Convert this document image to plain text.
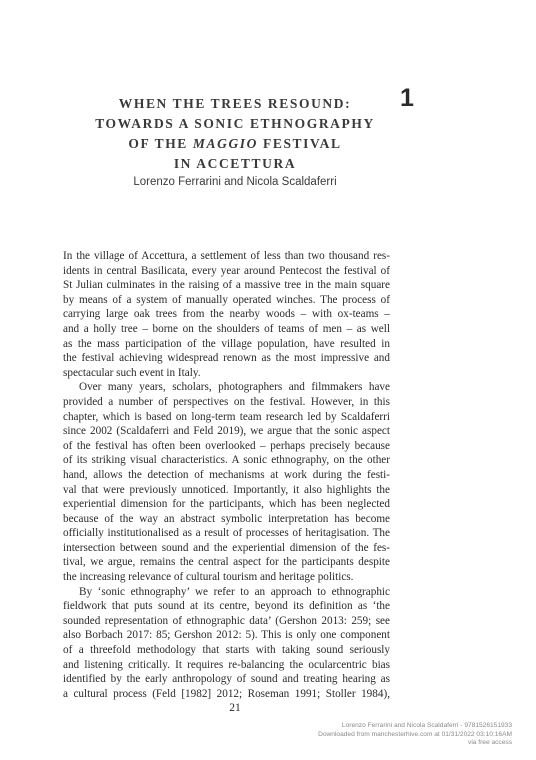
1
WHEN THE TREES RESOUND:
TOWARDS A SONIC ETHNOGRAPHY
OF THE MAGGIO FESTIVAL
IN ACCETTURA

Lorenzo Ferrarini and Nicola Scaldaferri

In the village of Accettura, a settlement of less than two thousand res-
idents in central Basilicata, every year around Pentecost the festival of
St Julian culminates in the raising of a massive tree in the main square
by means of a system of manually operated winches. The process of
carrying large oak trees from the nearby woods – with ox-teams –
and a holly tree – borne on the shoulders of teams of men – as well
as the mass participation of the village population, have resulted in
the festival achieving widespread renown as the most impressive and
spectacular such event in Italy.
Over many years, scholars, photographers and filmmakers have
provided a number of perspectives on the festival. However, in this
chapter, which is based on long-term team research led by Scaldaferri
since 2002 (Scaldaferri and Feld 2019), we argue that the sonic aspect
of the festival has often been overlooked – perhaps precisely because
of its striking visual characteristics. A sonic ethnography, on the other
hand, allows the detection of mechanisms at work during the festi-
val that were previously unnoticed. Importantly, it also highlights the
experiential dimension for the participants, which has been neglected
because of the way an abstract symbolic interpretation has become
officially institutionalised as a result of processes of heritagisation. The
intersection between sound and the experiential dimension of the fes-
tival, we argue, remains the central aspect for the participants despite
the increasing relevance of cultural tourism and heritage politics.
By ‘sonic ethnography’ we refer to an approach to ethnographic
fieldwork that puts sound at its centre, beyond its definition as ‘the
sounded representation of ethnographic data’ (Gershon 2013: 259; see
also Borbach 2017: 85; Gershon 2012: 5). This is only one component
of a threefold methodology that starts with taking sound seriously
and listening critically. It requires re-balancing the ocularcentric bias
identified by the early anthropology of sound and treating hearing as
a cultural process (Feld [1982] 2012; Roseman 1991; Stoller 1984),
21
Lorenzo Ferrarini and Nicola Scaldaferri - 9781526151933
Downloaded from manchesterhive.com at 01/31/2022 03:10:16AM
via free access
